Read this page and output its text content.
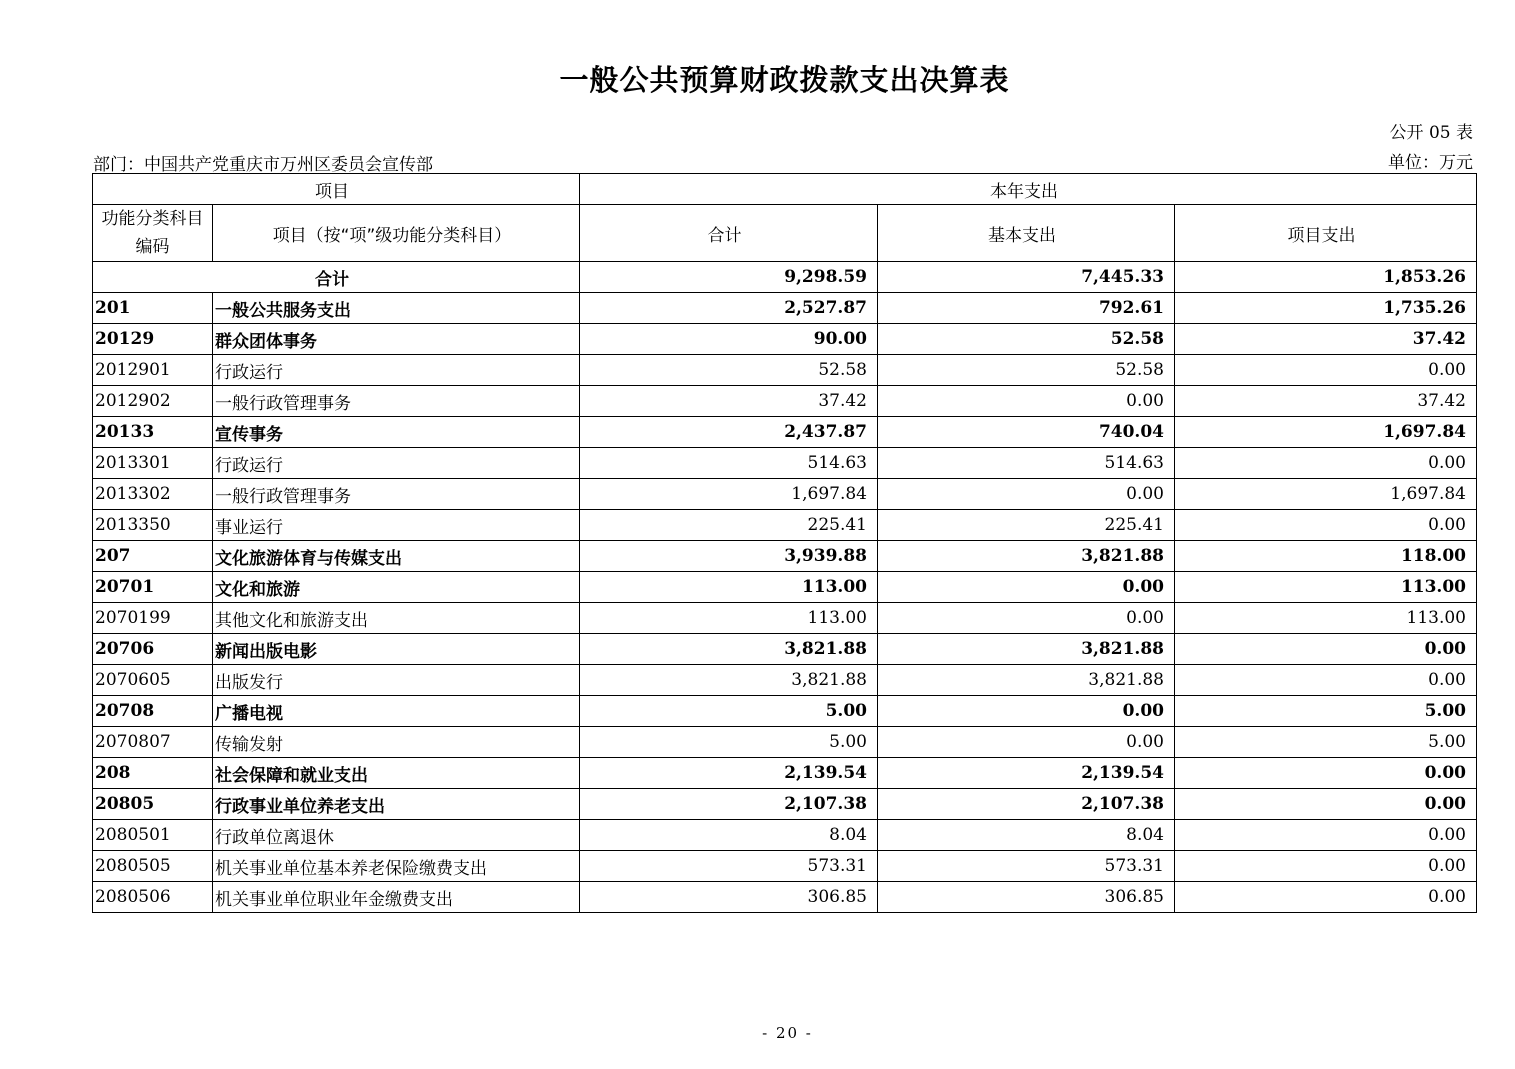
一般公共预算财政拨款支出决算表
公开 05 表
部门：中国共产党重庆市万州区委员会宣传部	单位：万元
项目		本年支出		
功能分类科目编码	项目（按“项”级功能分类科目）	合计	基本支出	项目支出
合计		9,298.59	7,445.33	1,853.26
201	一般公共服务支出	2,527.87	792.61	1,735.26
20129	群众团体事务	90.00	52.58	37.42
2012901	行政运行	52.58	52.58	0.00
2012902	一般行政管理事务	37.42	0.00	37.42
20133	宣传事务	2,437.87	740.04	1,697.84
2013301	行政运行	514.63	514.63	0.00
2013302	一般行政管理事务	1,697.84	0.00	1,697.84
2013350	事业运行	225.41	225.41	0.00
207	文化旅游体育与传媒支出	3,939.88	3,821.88	118.00
20701	文化和旅游	113.00	0.00	113.00
2070199	其他文化和旅游支出	113.00	0.00	113.00
20706	新闻出版电影	3,821.88	3,821.88	0.00
2070605	出版发行	3,821.88	3,821.88	0.00
20708	广播电视	5.00	0.00	5.00
2070807	传输发射	5.00	0.00	5.00
208	社会保障和就业支出	2,139.54	2,139.54	0.00
20805	行政事业单位养老支出	2,107.38	2,107.38	0.00
2080501	行政单位离退休	8.04	8.04	0.00
2080505	机关事业单位基本养老保险缴费支出	573.31	573.31	0.00
2080506	机关事业单位职业年金缴费支出	306.85	306.85	0.00
- 20 -
